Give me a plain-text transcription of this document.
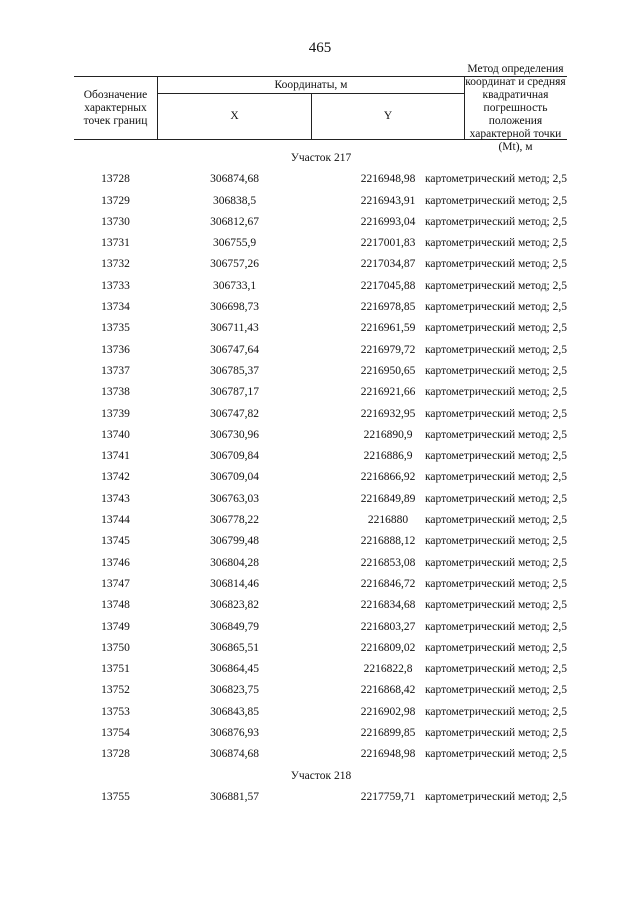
465
Обозначение характерных точек границ
Координаты, м
X	Y
Метод определения координат и средняя квадратичная погрешность положения характерной точки (Mt), м
Участок 217
13728	306874,68	2216948,98 картометрический метод; 2,5
13729	306838,5	2216943,91 картометрический метод; 2,5
13730	306812,67	2216993,04 картометрический метод; 2,5
13731	306755,9	2217001,83 картометрический метод; 2,5
13732	306757,26	2217034,87 картометрический метод; 2,5
13733	306733,1	2217045,88 картометрический метод; 2,5
13734	306698,73	2216978,85 картометрический метод; 2,5
13735	306711,43	2216961,59 картометрический метод; 2,5
13736	306747,64	2216979,72 картометрический метод; 2,5
13737	306785,37	2216950,65 картометрический метод; 2,5
13738	306787,17	2216921,66 картометрический метод; 2,5
13739	306747,82	2216932,95 картометрический метод; 2,5
13740	306730,96	2216890,9	картометрический метод; 2,5
13741	306709,84	2216886,9	картометрический метод; 2,5
13742	306709,04	2216866,92 картометрический метод; 2,5
13743	306763,03	2216849,89 картометрический метод; 2,5
13744	306778,22	2216880	картометрический метод; 2,5
13745	306799,48	2216888,12 картометрический метод; 2,5
13746	306804,28	2216853,08 картометрический метод; 2,5
13747	306814,46	2216846,72 картометрический метод; 2,5
13748	306823,82	2216834,68 картометрический метод; 2,5
13749	306849,79	2216803,27 картометрический метод; 2,5
13750	306865,51	2216809,02 картометрический метод; 2,5
13751	306864,45	2216822,8	картометрический метод; 2,5
13752	306823,75	2216868,42 картометрический метод; 2,5
13753	306843,85	2216902,98 картометрический метод; 2,5
13754	306876,93	2216899,85 картометрический метод; 2,5
13728	306874,68	2216948,98 картометрический метод; 2,5
Участок 218
13755	306881,57	2217759,71 картометрический метод; 2,5
